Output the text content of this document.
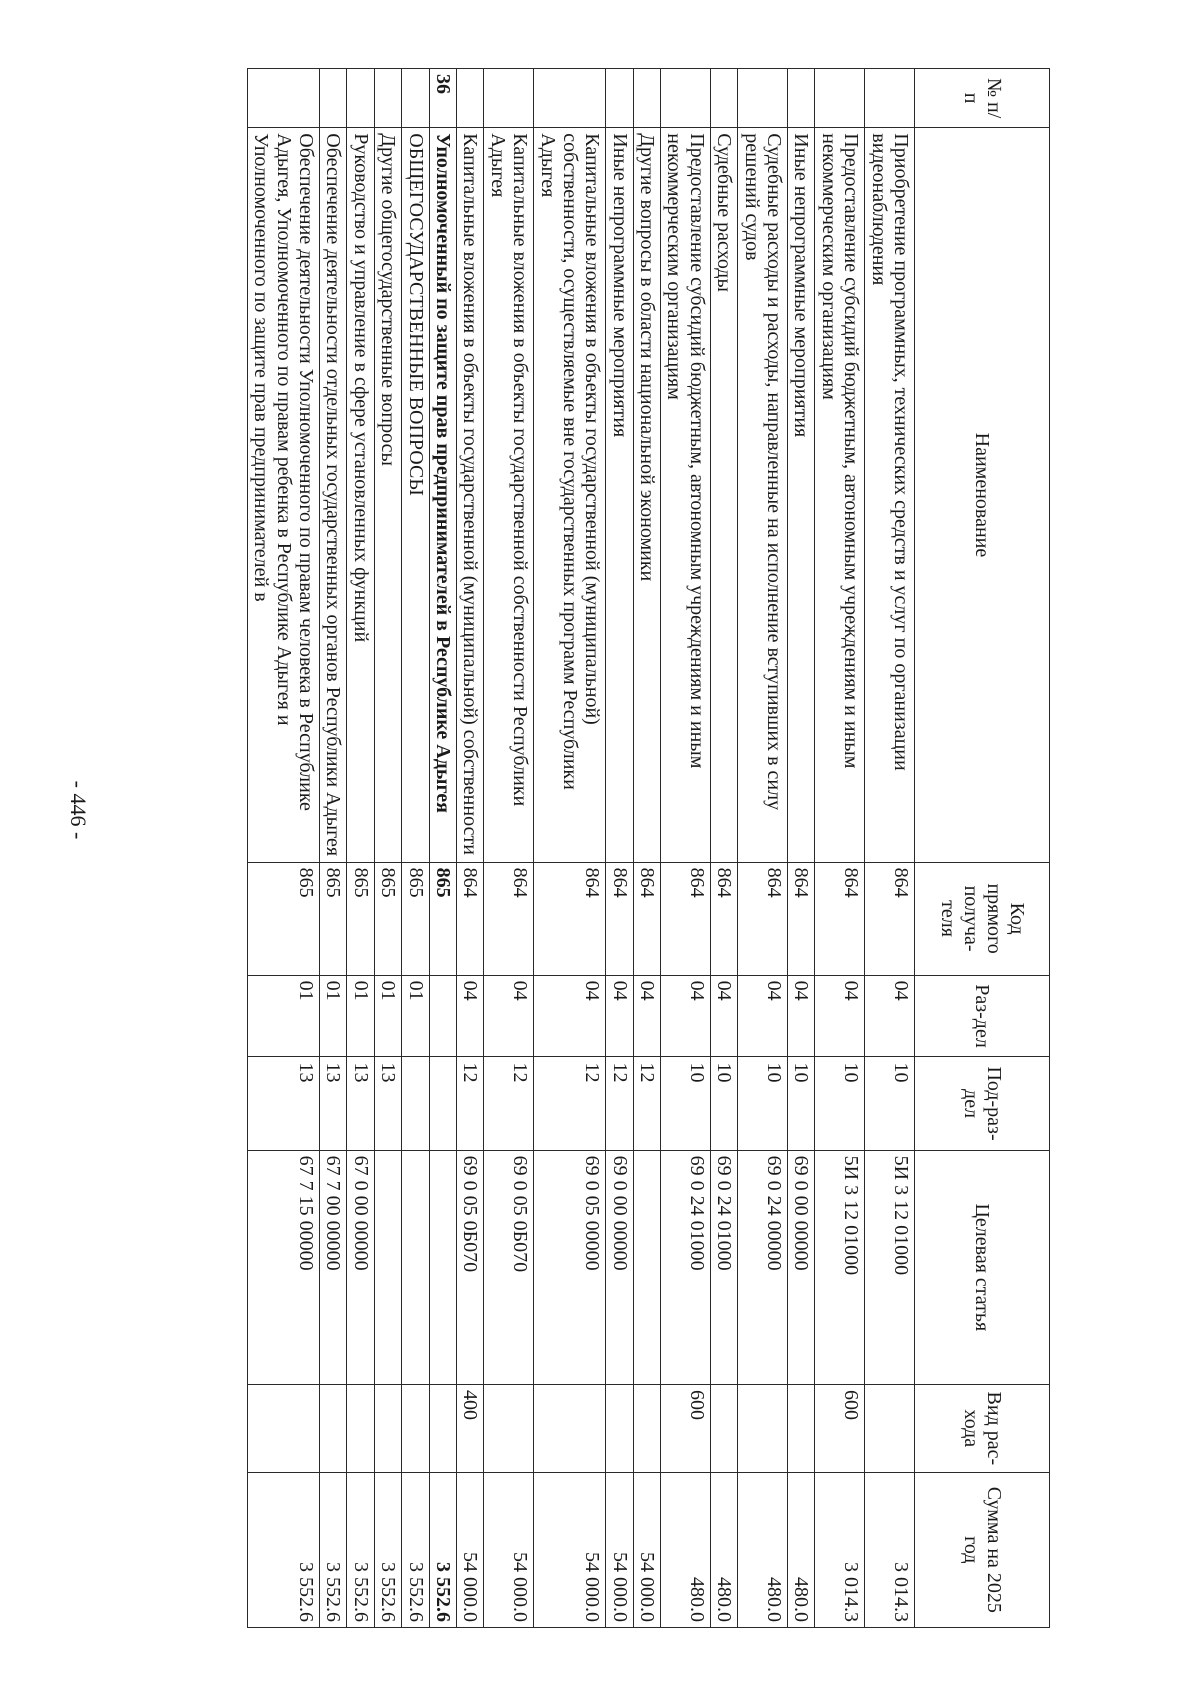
- 446 -
№ п/п	Наименование	Код прямого получа-теля	Раз-дел	Под-раз-дел	Целевая статья	Вид рас-хода	Сумма на 2025 год
	Приобретение программных, технических средств и услуг по организации видеонаблюдения	864	04	10	5И 3 12 01000		3 014.3
	Предоставление субсидий бюджетным, автономным учреждениям и иным некоммерческим организациям	864	04	10	5И 3 12 01000	600	3 014.3
	Иные непрограммные мероприятия	864	04	10	69 0 00 00000		480.0
	Судебные расходы и расходы, направленные на исполнение вступивших в силу решений судов	864	04	10	69 0 24 00000		480.0
	Судебные расходы	864	04	10	69 0 24 01000		480.0
	Предоставление субсидий бюджетным, автономным учреждениям и иным некоммерческим организациям	864	04	10	69 0 24 01000	600	480.0
	Другие вопросы в области национальной экономики	864	04	12			54 000.0
	Иные непрограммные мероприятия	864	04	12	69 0 00 00000		54 000.0
	Капитальные вложения в объекты государственной (муниципальной) собственности, осуществляемые вне государственных программ Республики Адыгея	864	04	12	69 0 05 00000		54 000.0
	Капитальные вложения в объекты государственной собственности Республики Адыгея	864	04	12	69 0 05 0Б070		54 000.0
	Капитальные вложения в объекты государственной (муниципальной) собственности	864	04	12	69 0 05 0Б070	400	54 000.0
36	Уполномоченный по защите прав предпринимателей в Республике Адыгея	865					3 552.6
	ОБЩЕГОСУДАРСТВЕННЫЕ ВОПРОСЫ	865	01				3 552.6
	Другие общегосударственные вопросы	865	01	13			3 552.6
	Руководство и управление в сфере установленных функций	865	01	13	67 0 00 00000		3 552.6
	Обеспечение деятельности отдельных государственных органов Республики Адыгея	865	01	13	67 7 00 00000		3 552.6
	Обеспечение деятельности Уполномоченного по правам человека в Республике Адыгея, Уполномоченного по правам ребенка в Республике Адыгея и Уполномоченного по защите прав предпринимателей в	865	01	13	67 7 15 00000		3 552.6
